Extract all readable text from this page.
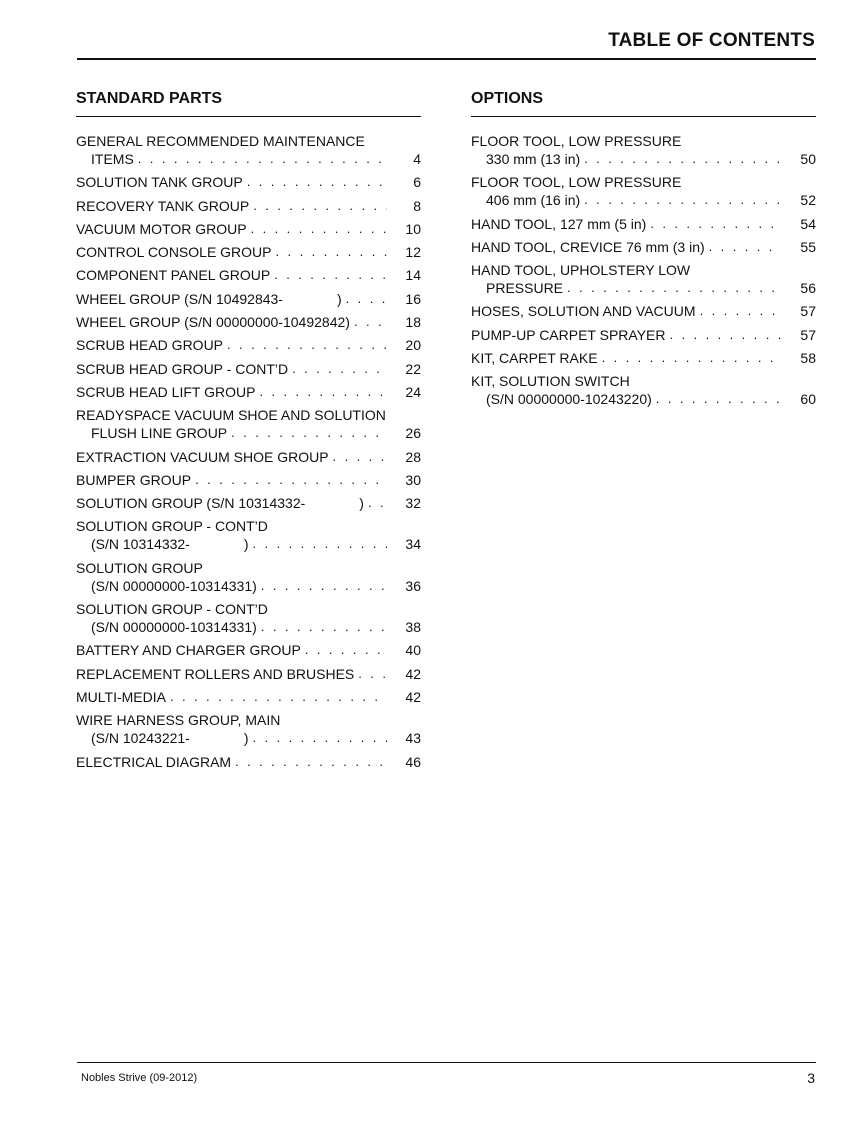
TABLE OF CONTENTS
STANDARD PARTS
GENERAL RECOMMENDED MAINTENANCE
ITEMS . . .	4
SOLUTION TANK GROUP . . .	6
RECOVERY TANK GROUP . . .	8
VACUUM MOTOR GROUP . . .	10
CONTROL CONSOLE GROUP . . .	12
COMPONENT PANEL GROUP . . .	14
WHEEL GROUP (S/N 10492843-	) . . .	16
WHEEL GROUP (S/N 00000000-10492842) . . .	18
SCRUB HEAD GROUP . . .	20
SCRUB HEAD GROUP - CONT’D . . .	22
SCRUB HEAD LIFT GROUP . . .	24
READYSPACE VACUUM SHOE AND SOLUTION
FLUSH LINE GROUP . . .	26
EXTRACTION VACUUM SHOE GROUP . . .	28
BUMPER GROUP . . .	30
SOLUTION GROUP (S/N 10314332-	) . . .	32
SOLUTION GROUP - CONT’D
(S/N 10314332-	) . . .	34
SOLUTION GROUP
(S/N 00000000-10314331) . . .	36
SOLUTION GROUP - CONT’D
(S/N 00000000-10314331) . . .	38
BATTERY AND CHARGER GROUP . . .	40
REPLACEMENT ROLLERS AND BRUSHES . . .	42
MULTI-MEDIA . . .	42
WIRE HARNESS GROUP, MAIN
(S/N 10243221-	) . . .	43
ELECTRICAL DIAGRAM . . .	46
OPTIONS
FLOOR TOOL, LOW PRESSURE
330 mm (13 in) . . .	50
FLOOR TOOL, LOW PRESSURE
406 mm (16 in) . . .	52
HAND TOOL, 127 mm (5 in) . . .	54
HAND TOOL, CREVICE 76 mm (3 in) . . .	55
HAND TOOL, UPHOLSTERY LOW
PRESSURE . . .	56
HOSES, SOLUTION AND VACUUM . . .	57
PUMP-UP CARPET SPRAYER . . .	57
KIT, CARPET RAKE . . .	58
KIT, SOLUTION SWITCH
(S/N 00000000-10243220) . . .	60
Nobles Strive (09-2012)	3
